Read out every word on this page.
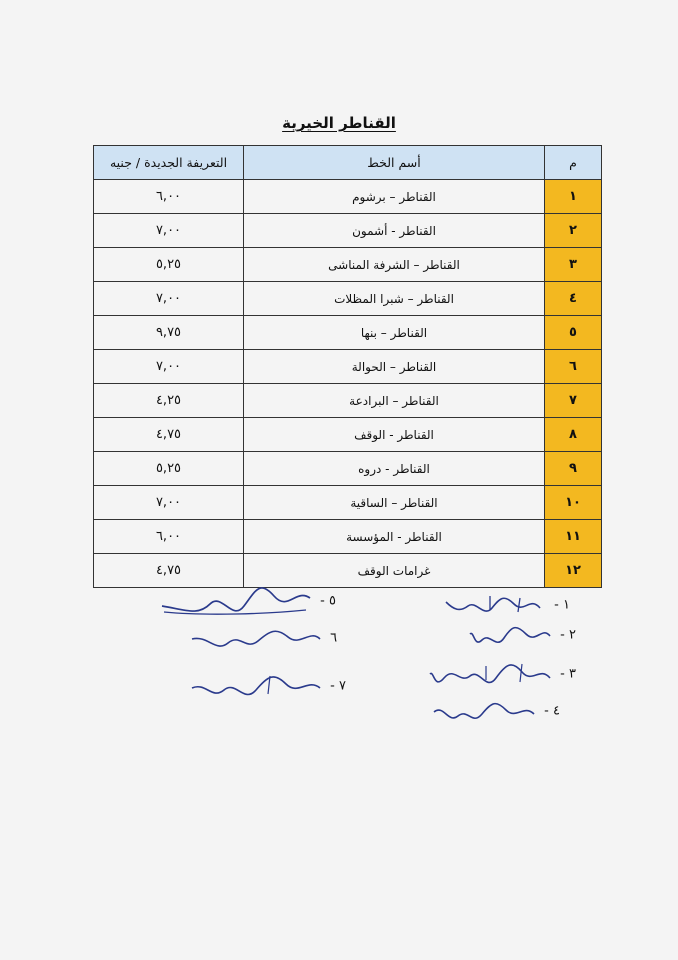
القناطر الخيرية
م	أسم الخط	التعريفة الجديدة / جنيه
١	القناطر – برشوم	٦,٠٠
٢	القناطر - أشمون	٧,٠٠
٣	القناطر – الشرفة المناشى	٥,٢٥
٤	القناطر – شبرا المظلات	٧,٠٠
٥	القناطر – بنها	٩,٧٥
٦	القناطر – الحوالة	٧,٠٠
٧	القناطر – البرادعة	٤,٢٥
٨	القناطر - الوقف	٤,٧٥
٩	القناطر - دروه	٥,٢٥
١٠	القناطر – الساقية	٧,٠٠
١١	القناطر - المؤسسة	٦,٠٠
١٢	غرامات الوقف	٤,٧٥
١ -
٢ -
٣ -
٤ -
٥ -
٦
٧ -
